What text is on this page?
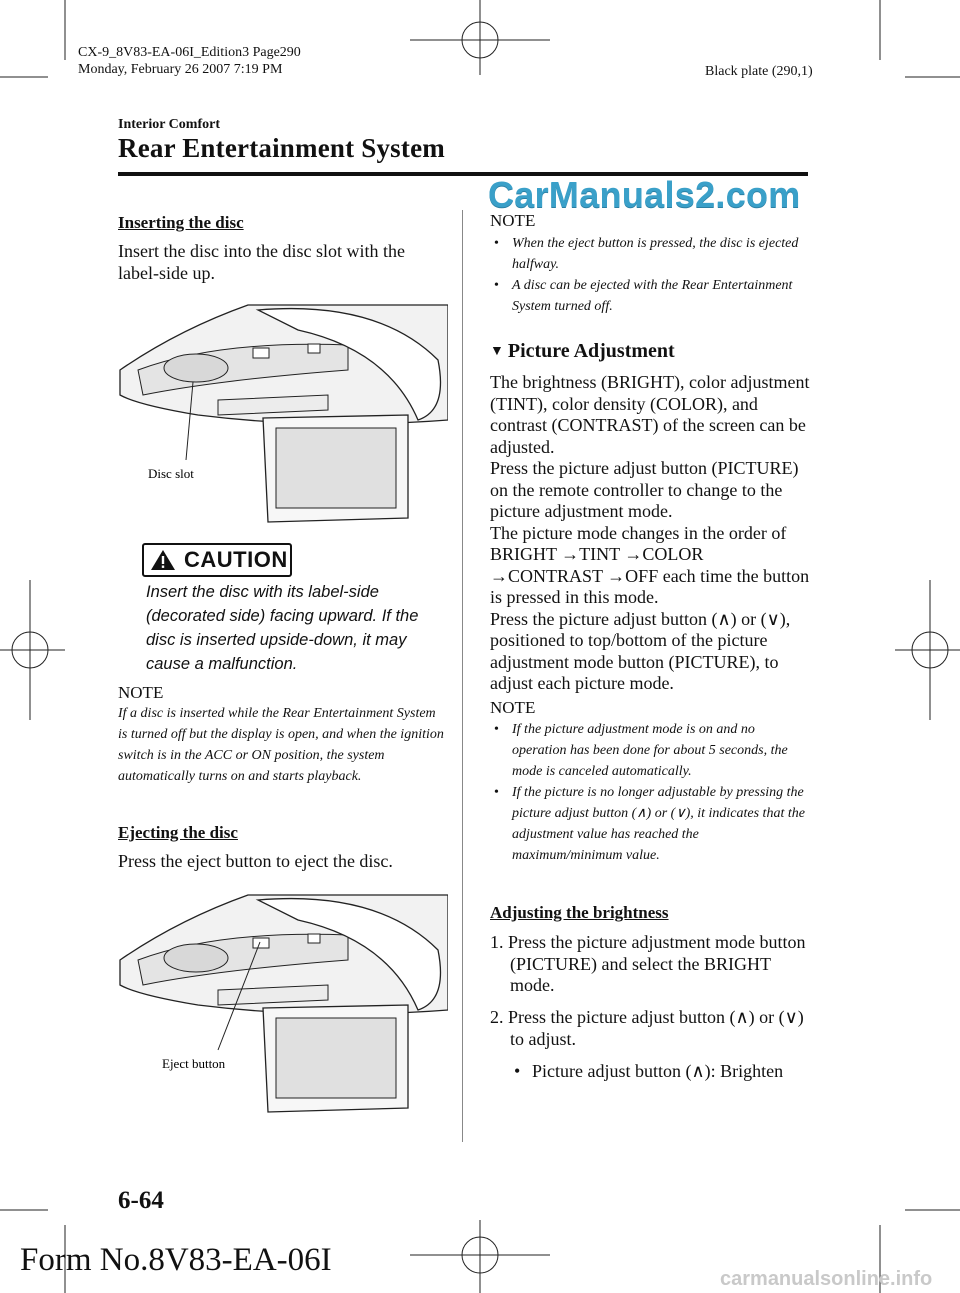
CX-9_8V83-EA-06I_Edition3 Page290
Monday, February 26 2007 7:19 PM	Black plate (290,1)
Interior Comfort
Rear Entertainment System
CarManuals2.com
Inserting the disc
Insert the disc into the disc slot with the label-side up.
Disc slot
CAUTION
Insert the disc with its label-side (decorated side) facing upward. If the disc is inserted upside-down, it may cause a malfunction.
NOTE
If a disc is inserted while the Rear Entertainment System is turned off but the display is open, and when the ignition switch is in the ACC or ON position, the system automatically turns on and starts playback.
Ejecting the disc
Press the eject button to eject the disc.
Eject button
NOTE
• When the eject button is pressed, the disc is ejected halfway.
• A disc can be ejected with the Rear Entertainment System turned off.
▼ Picture Adjustment
The brightness (BRIGHT), color adjustment (TINT), color density (COLOR), and contrast (CONTRAST) of the screen can be adjusted.
Press the picture adjust button (PICTURE) on the remote controller to change to the picture adjustment mode.
The picture mode changes in the order of BRIGHT →TINT →COLOR →CONTRAST →OFF each time the button is pressed in this mode.
Press the picture adjust button (∧) or (∨), positioned to top/bottom of the picture adjustment mode button (PICTURE), to adjust each picture mode.
NOTE
• If the picture adjustment mode is on and no operation has been done for about 5 seconds, the mode is canceled automatically.
• If the picture is no longer adjustable by pressing the picture adjust button (∧) or (∨), it indicates that the adjustment value has reached the maximum/minimum value.
Adjusting the brightness
1. Press the picture adjustment mode button (PICTURE) and select the BRIGHT mode.
2. Press the picture adjust button (∧) or (∨) to adjust.
• Picture adjust button (∧): Brighten
6-64
Form No.8V83-EA-06I
carmanualsonline.info
